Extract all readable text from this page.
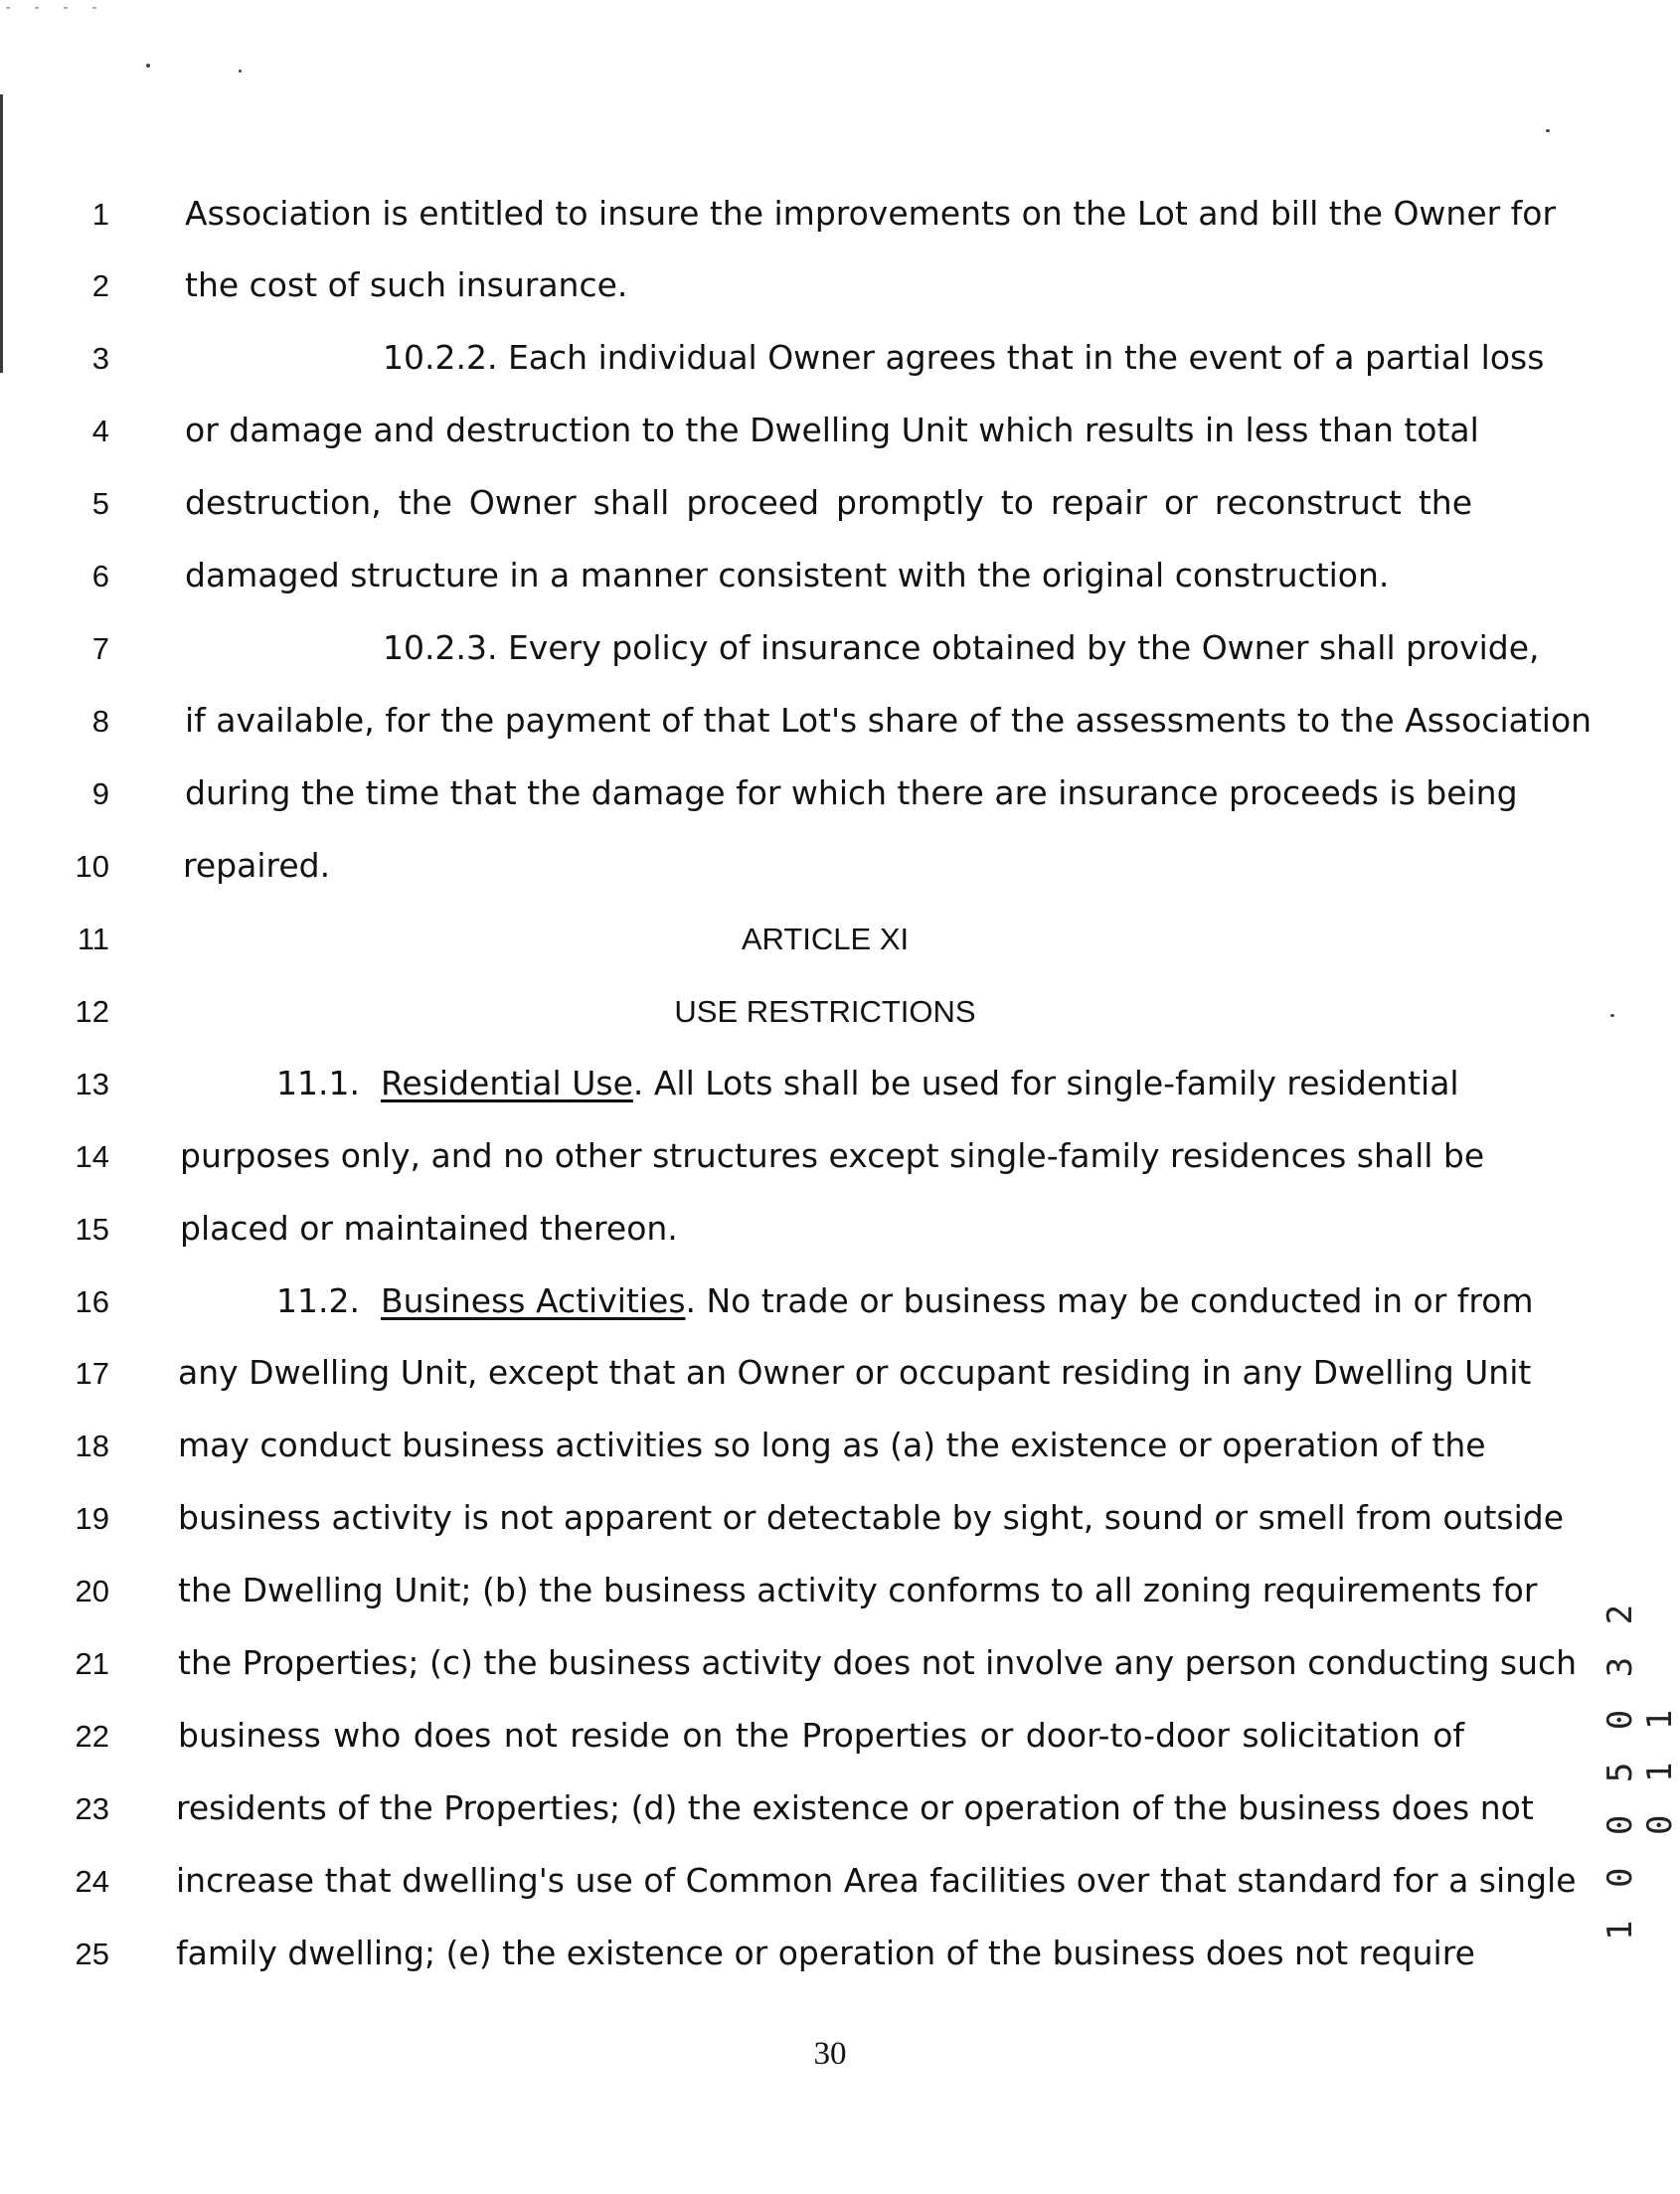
- - - -
1
2
3
4
5
6
7
8
9
10
11
12
13
14
15
16
17
18
19
20
21
22
23
24
25
Association is entitled to insure the improvements on the Lot and bill the Owner for
the cost of such insurance.
10.2.2. Each individual Owner agrees that in the event of a partial loss
or damage and destruction to the Dwelling Unit which results in less than total
destruction, the Owner shall proceed promptly to repair or reconstruct the
damaged structure in a manner consistent with the original construction.
10.2.3. Every policy of insurance obtained by the Owner shall provide,
if available, for the payment of that Lot's share of the assessments to the Association
during the time that the damage for which there are insurance proceeds is being
repaired.
ARTICLE XI
USE RESTRICTIONS
11.1. Residential Use. All Lots shall be used for single-family residential
purposes only, and no other structures except single-family residences shall be
placed or maintained thereon.
11.2. Business Activities. No trade or business may be conducted in or from
any Dwelling Unit, except that an Owner or occupant residing in any Dwelling Unit
may conduct business activities so long as (a) the existence or operation of the
business activity is not apparent or detectable by sight, sound or smell from outside
the Dwelling Unit; (b) the business activity conforms to all zoning requirements for
the Properties; (c) the business activity does not involve any person conducting such
business who does not reside on the Properties or door-to-door solicitation of
residents of the Properties; (d) the existence or operation of the business does not
increase that dwelling's use of Common Area facilities over that standard for a single
family dwelling; (e) the existence or operation of the business does not require
30
1 0 0 5 0 3 2 0 1 1
